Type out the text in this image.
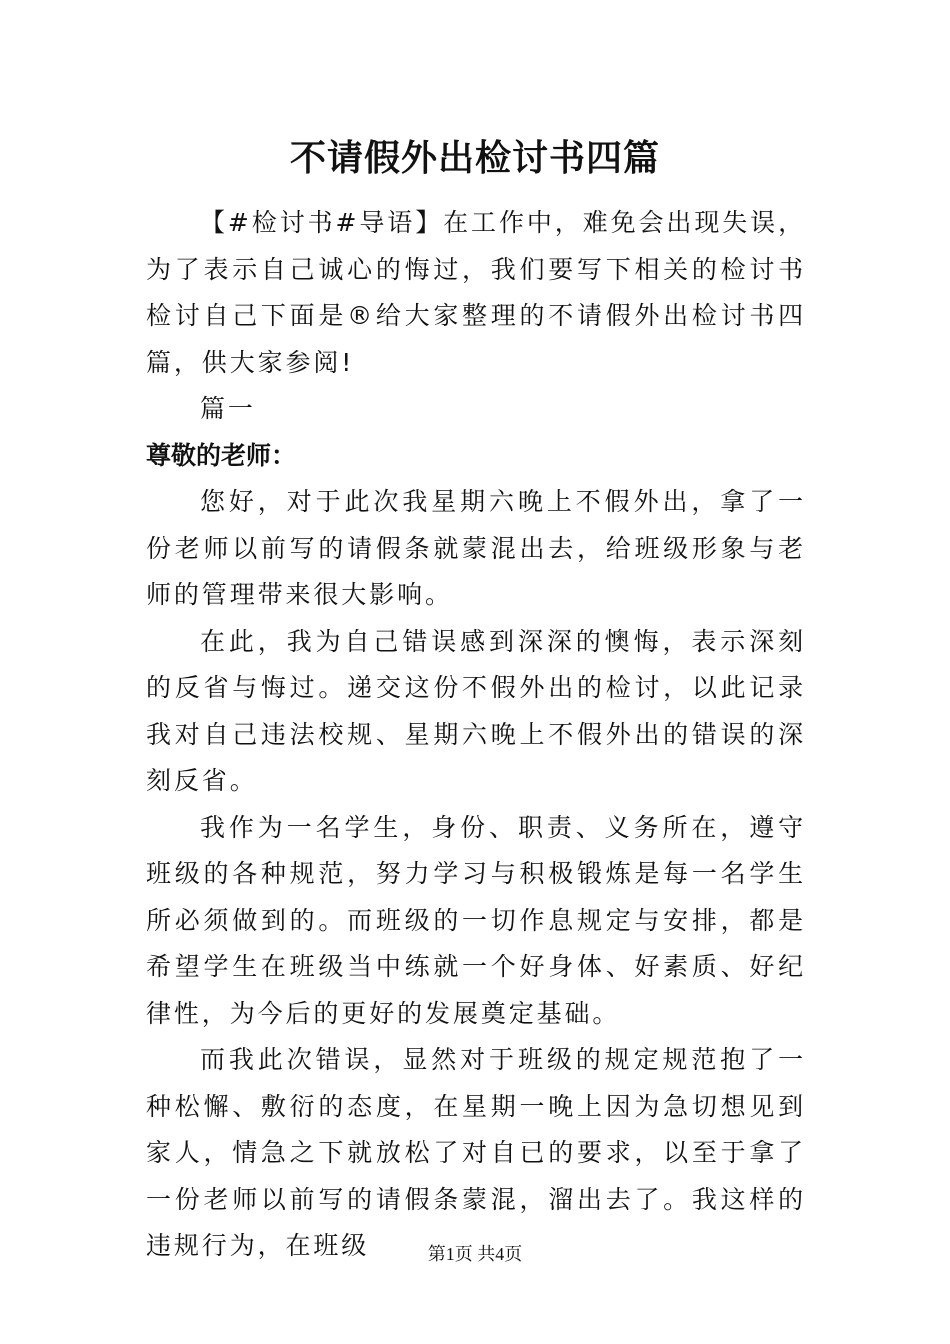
不请假外出检讨书四篇

【#检讨书#导语】在工作中，难免会出现失误，为了表示自己诚心的悔过，我们要写下相关的检讨书检讨自己下面是®给大家整理的不请假外出检讨书四篇，供大家参阅!

篇一

尊敬的老师：

您好，对于此次我星期六晚上不假外出，拿了一份老师以前写的请假条就蒙混出去，给班级形象与老师的管理带来很大影响。

在此，我为自己错误感到深深的懊悔，表示深刻的反省与悔过。递交这份不假外出的检讨，以此记录我对自己违法校规、星期六晚上不假外出的错误的深刻反省。

我作为一名学生，身份、职责、义务所在，遵守班级的各种规范，努力学习与积极锻炼是每一名学生所必须做到的。而班级的一切作息规定与安排，都是希望学生在班级当中练就一个好身体、好素质、好纪律性，为今后的更好的发展奠定基础。

而我此次错误，显然对于班级的规定规范抱了一种松懈、敷衍的态度，在星期一晚上因为急切想见到家人，情急之下就放松了对自已的要求，以至于拿了一份老师以前写的请假条蒙混，溜出去了。我这样的违规行为，在班级	第1页 共4页
